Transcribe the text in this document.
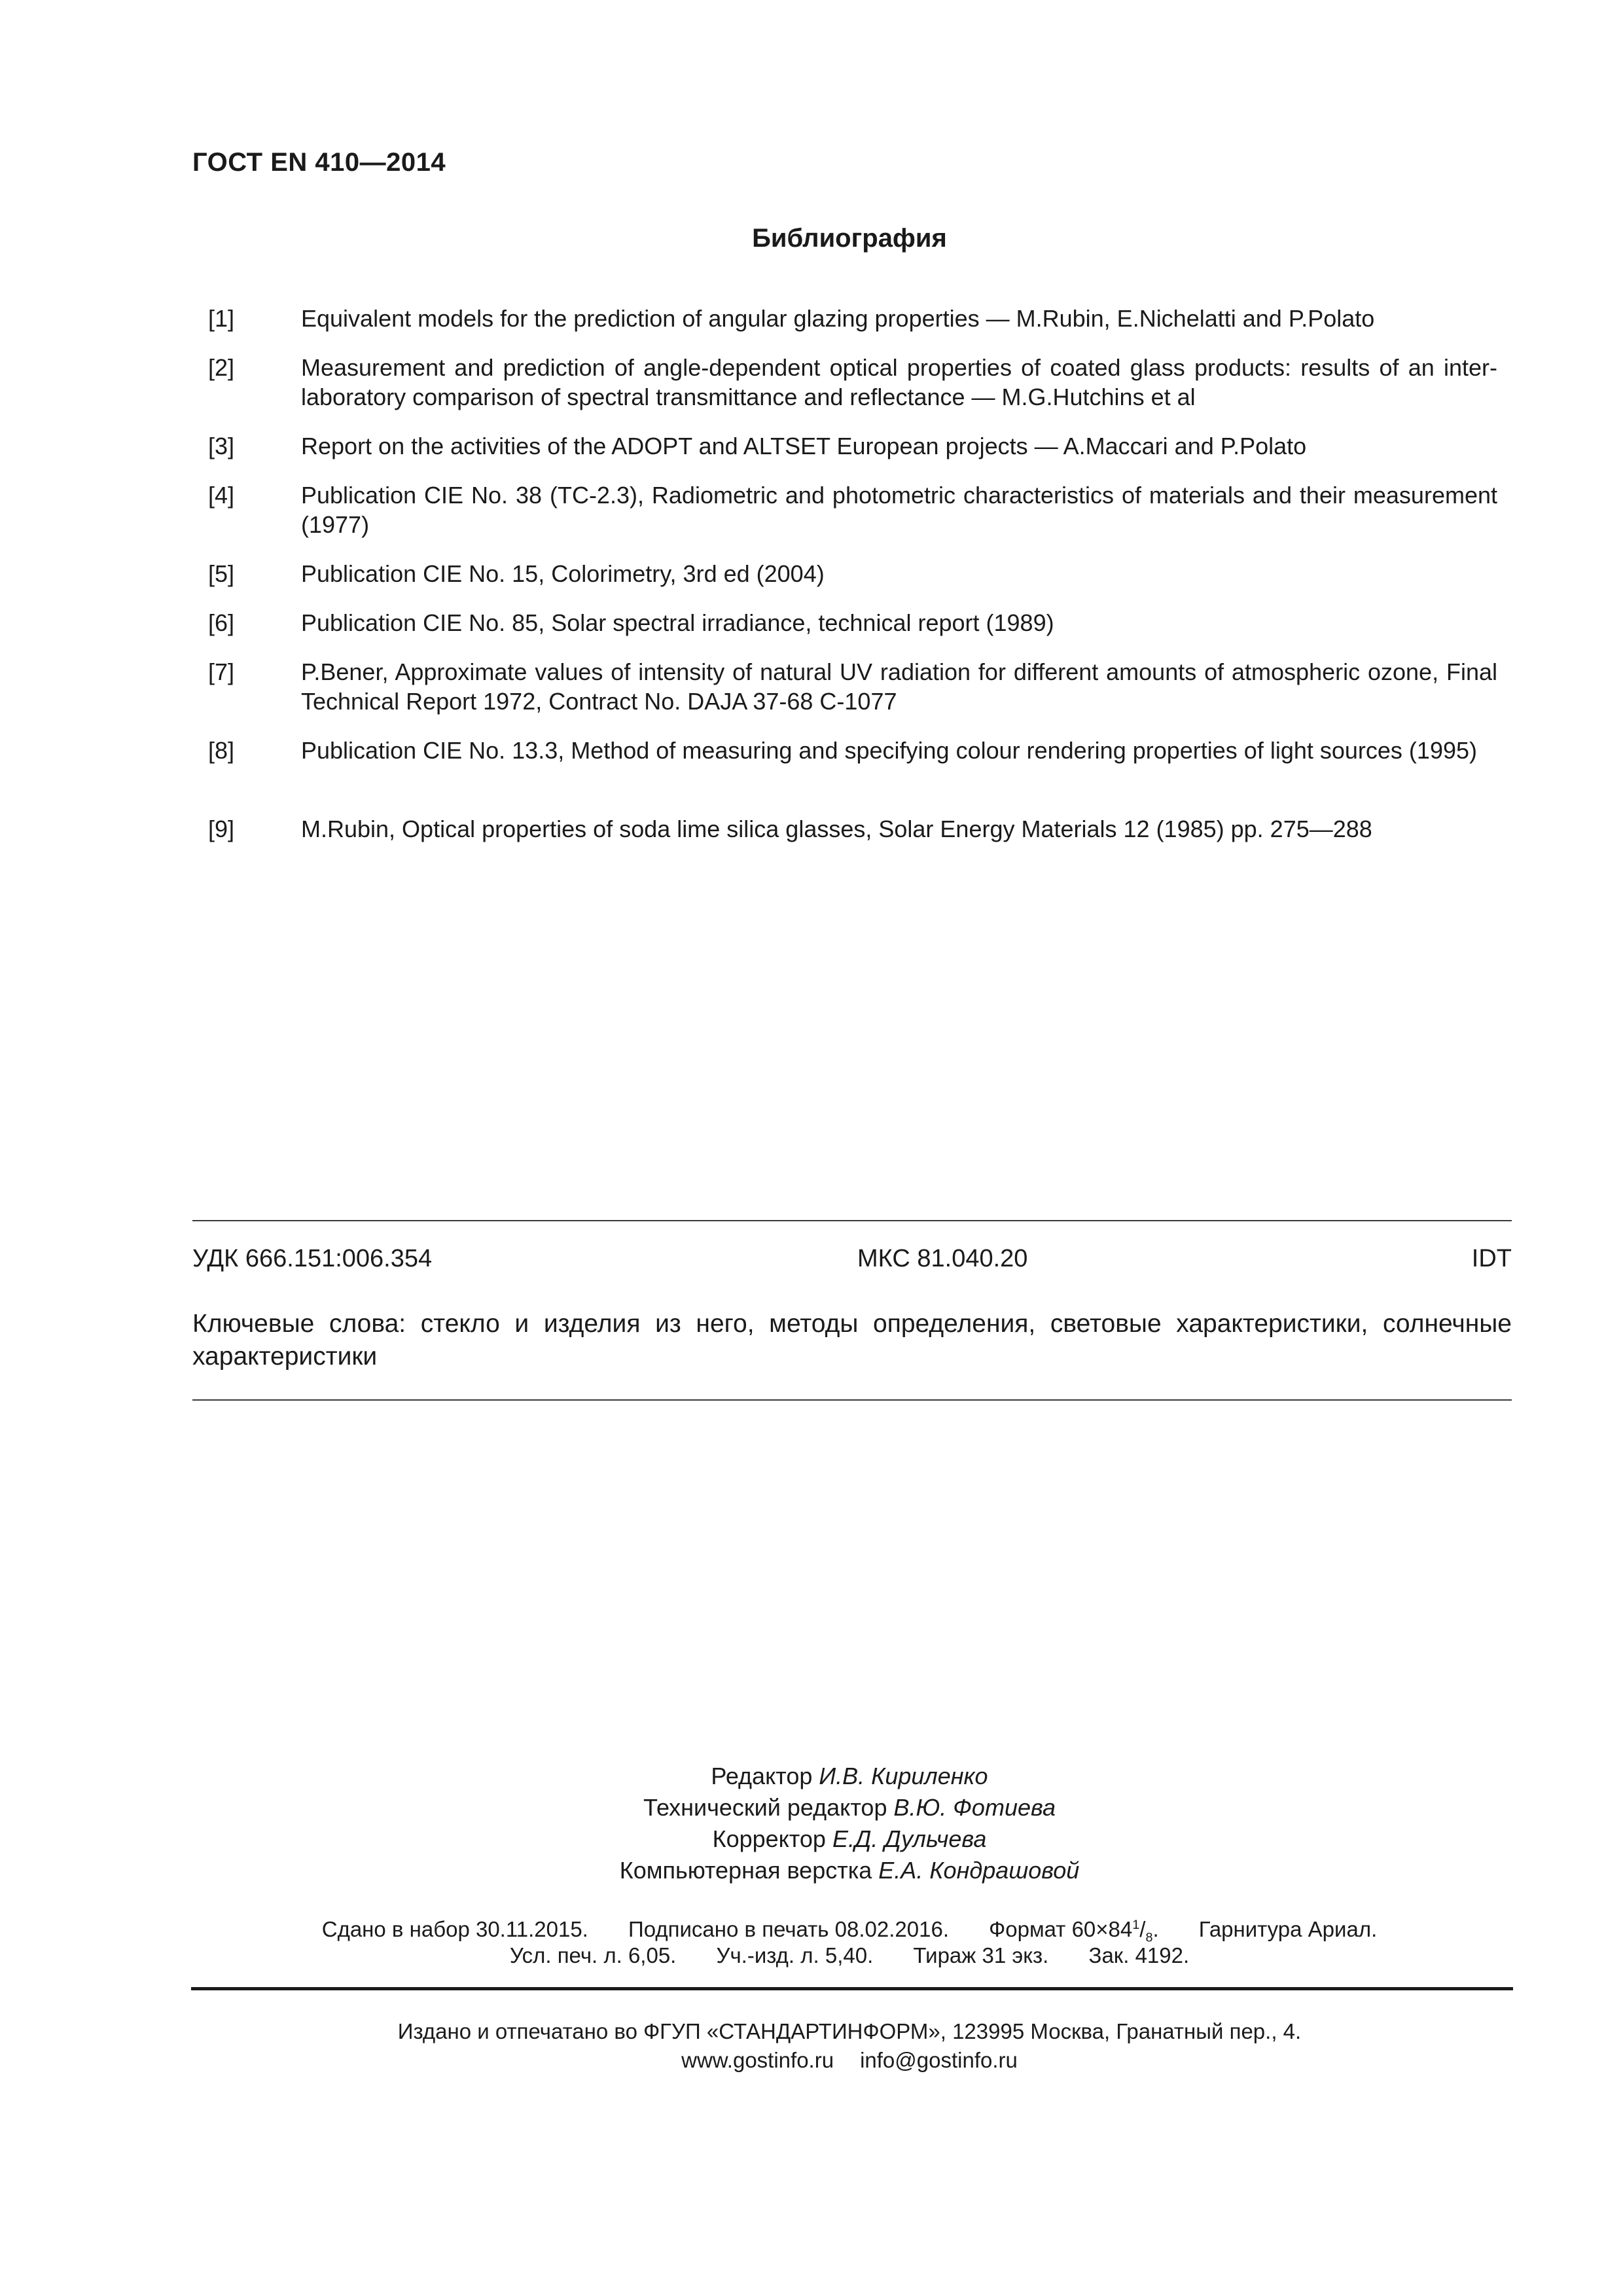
ГОСТ EN 410—2014
Библиография
[1]	Equivalent models for the prediction of angular glazing properties — M.Rubin, E.Nichelatti and P.Polato
[2]	Measurement and prediction of angle-dependent optical properties of coated glass products: results of an inter-laboratory comparison of spectral transmittance and reflectance — M.G.Hutchins et al
[3]	Report on the activities of the ADOPT and ALTSET European projects — A.Maccari and P.Polato
[4]	Publication CIE No. 38 (TC-2.3), Radiometric and photometric characteristics of materials and their measurement (1977)
[5]	Publication CIE No. 15, Colorimetry, 3rd ed (2004)
[6]	Publication CIE No. 85, Solar spectral irradiance, technical report (1989)
[7]	P.Bener, Approximate values of intensity of natural UV radiation for different amounts of atmospheric ozone, Final Technical Report 1972, Contract No. DAJA 37-68 C-1077
[8]	Publication CIE No. 13.3, Method of measuring and specifying colour rendering properties of light sources (1995)
[9]	M.Rubin, Optical properties of soda lime silica glasses, Solar Energy Materials 12 (1985) pp. 275—288
УДК 666.151:006.354	МКС 81.040.20	IDT
Ключевые слова: стекло и изделия из него, методы определения, световые характеристики, солнечные характеристики
Редактор И.В. Кириленко
Технический редактор В.Ю. Фотиева
Корректор Е.Д. Дульчева
Компьютерная верстка Е.А. Кондрашовой
Сдано в набор 30.11.2015. Подписано в печать 08.02.2016. Формат $60\times 84^1/_8$. Гарнитура Ариал.
Усл. печ. л. 6,05. Уч.-изд. л. 5,40. Тираж 31 экз. Зак. 4192.
Издано и отпечатано во ФГУП «СТАНДАРТИНФОРМ», 123995 Москва, Гранатный пер., 4.
www.gostinfo.ru info@gostinfo.ru
